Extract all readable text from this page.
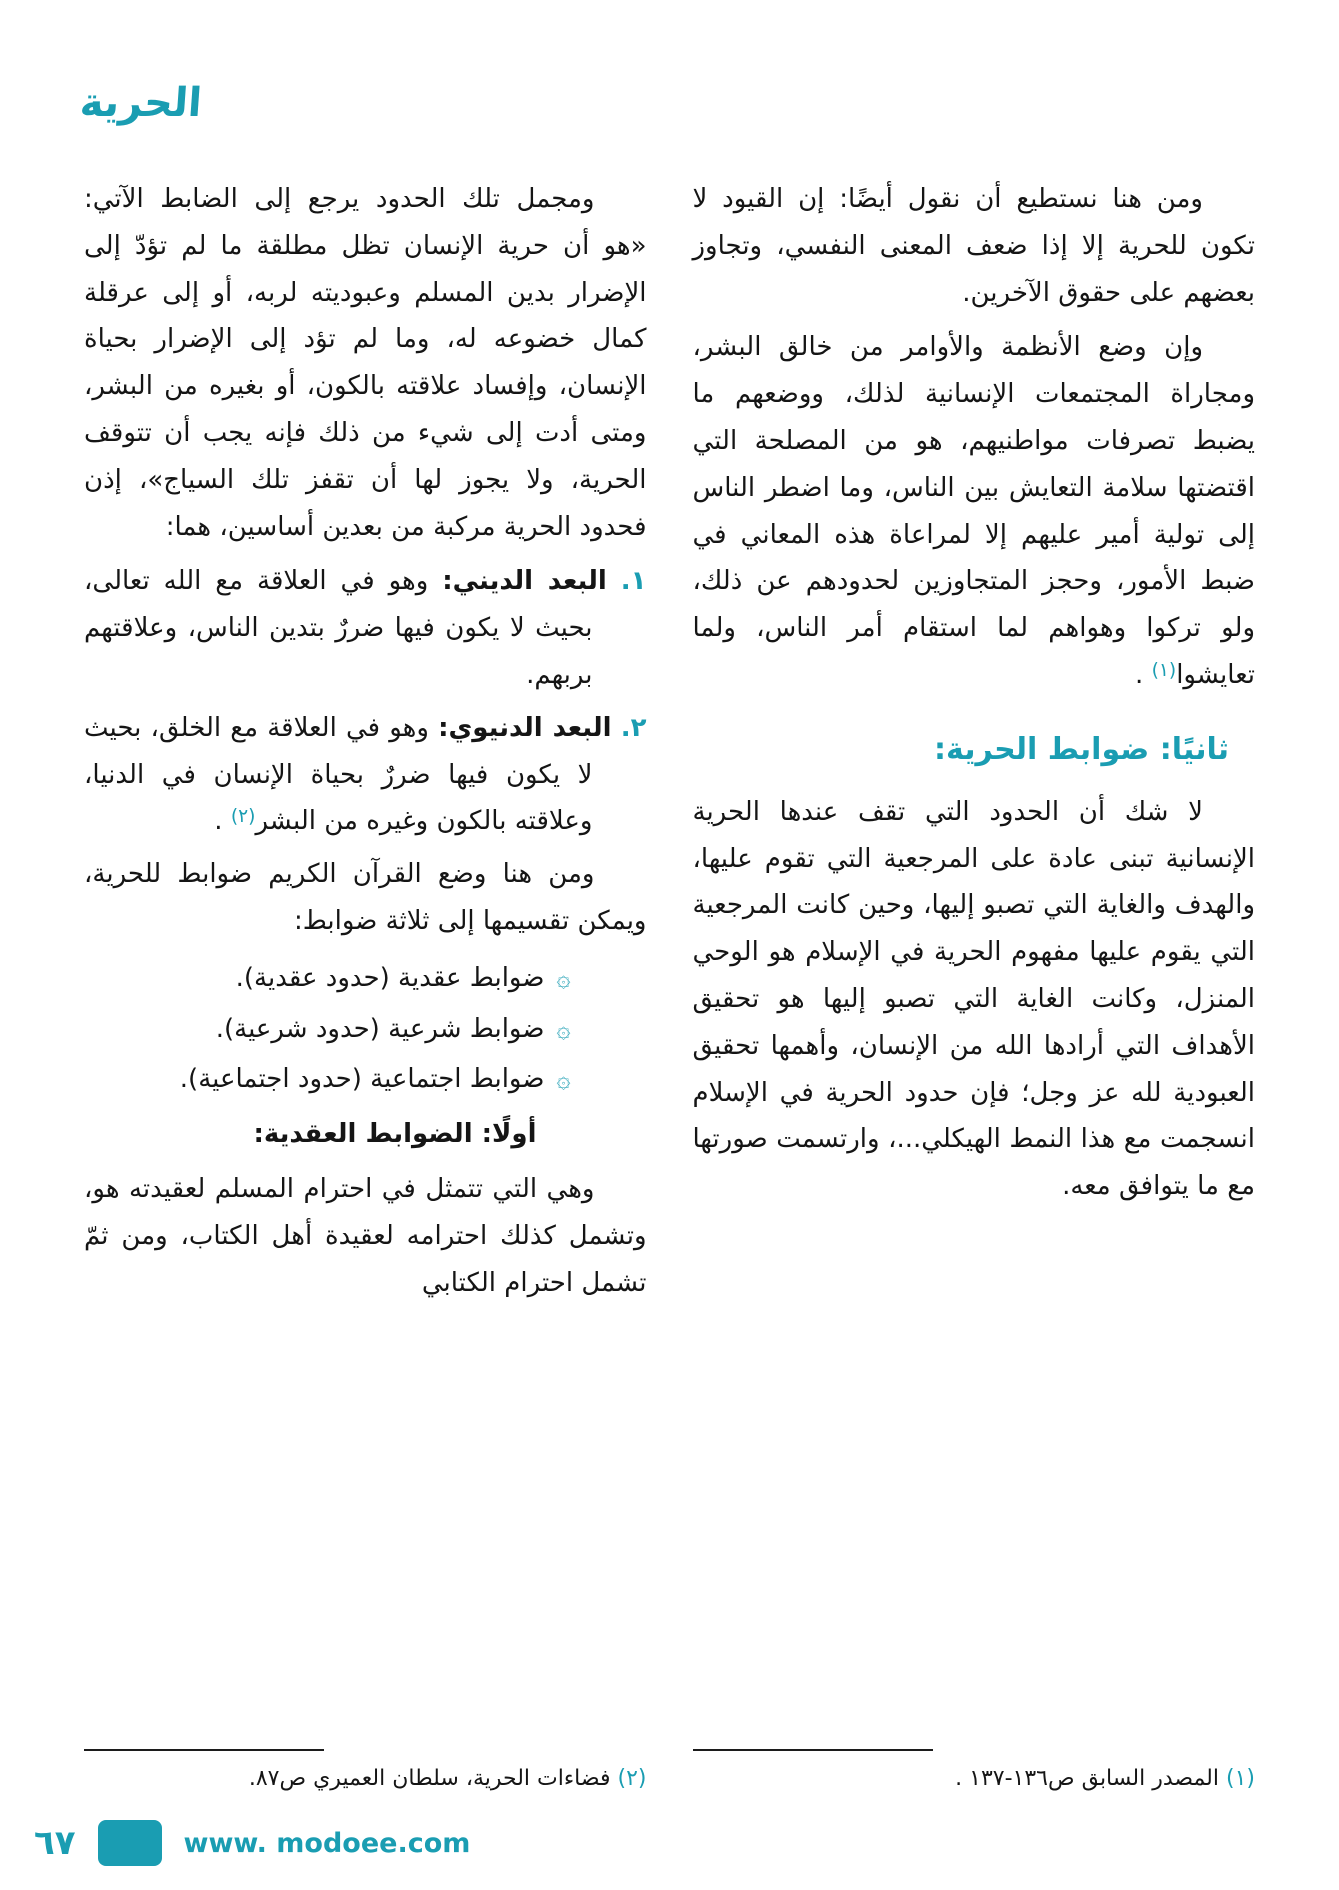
الحرية

ومن هنا نستطيع أن نقول أيضًا: إن القيود لا تكون للحرية إلا إذا ضعف المعنى النفسي، وتجاوز بعضهم على حقوق الآخرين.

وإن وضع الأنظمة والأوامر من خالق البشر، ومجاراة المجتمعات الإنسانية لذلك، ووضعهم ما يضبط تصرفات مواطنيهم، هو من المصلحة التي اقتضتها سلامة التعايش بين الناس، وما اضطر الناس إلى تولية أمير عليهم إلا لمراعاة هذه المعاني في ضبط الأمور، وحجز المتجاوزين لحدودهم عن ذلك، ولو تركوا وهواهم لما استقام أمر الناس، ولما تعايشوا$^{(١)}$ .

ثانيًا: ضوابط الحرية:

لا شك أن الحدود التي تقف عندها الحرية الإنسانية تبنى عادة على المرجعية التي تقوم عليها، والهدف والغاية التي تصبو إليها، وحين كانت المرجعية التي يقوم عليها مفهوم الحرية في الإسلام هو الوحي المنزل، وكانت الغاية التي تصبو إليها هو تحقيق الأهداف التي أرادها الله من الإنسان، وأهمها تحقيق العبودية لله عز وجل؛ فإن حدود الحرية في الإسلام انسجمت مع هذا النمط الهيكلي...، وارتسمت صورتها مع ما يتوافق معه.

(١) المصدر السابق ص١٣٦-١٣٧ .

ومجمل تلك الحدود يرجع إلى الضابط الآتي: «هو أن حرية الإنسان تظل مطلقة ما لم تؤدّ إلى الإضرار بدين المسلم وعبوديته لربه، أو إلى عرقلة كمال خضوعه له، وما لم تؤد إلى الإضرار بحياة الإنسان، وإفساد علاقته بالكون، أو بغيره من البشر، ومتى أدت إلى شيء من ذلك فإنه يجب أن تتوقف الحرية، ولا يجوز لها أن تقفز تلك السياج»، إذن فحدود الحرية مركبة من بعدين أساسين، هما:

١. البعد الديني: وهو في العلاقة مع الله تعالى، بحيث لا يكون فيها ضررٌ بتدين الناس، وعلاقتهم بربهم.
٢. البعد الدنيوي: وهو في العلاقة مع الخلق، بحيث لا يكون فيها ضررٌ بحياة الإنسان في الدنيا، وعلاقته بالكون وغيره من البشر$^{(٢)}$ .

ومن هنا وضع القرآن الكريم ضوابط للحرية، ويمكن تقسيمها إلى ثلاثة ضوابط:

۞ضوابط عقدية (حدود عقدية).
۞ضوابط شرعية (حدود شرعية).
۞ضوابط اجتماعية (حدود اجتماعية).

أولًا: الضوابط العقدية:

وهي التي تتمثل في احترام المسلم لعقيدته هو، وتشمل كذلك احترامه لعقيدة أهل الكتاب، ومن ثمّ تشمل احترام الكتابي

(٢) فضاءات الحرية، سلطان العميري ص٨٧.
٦٧	www. modoee.com
